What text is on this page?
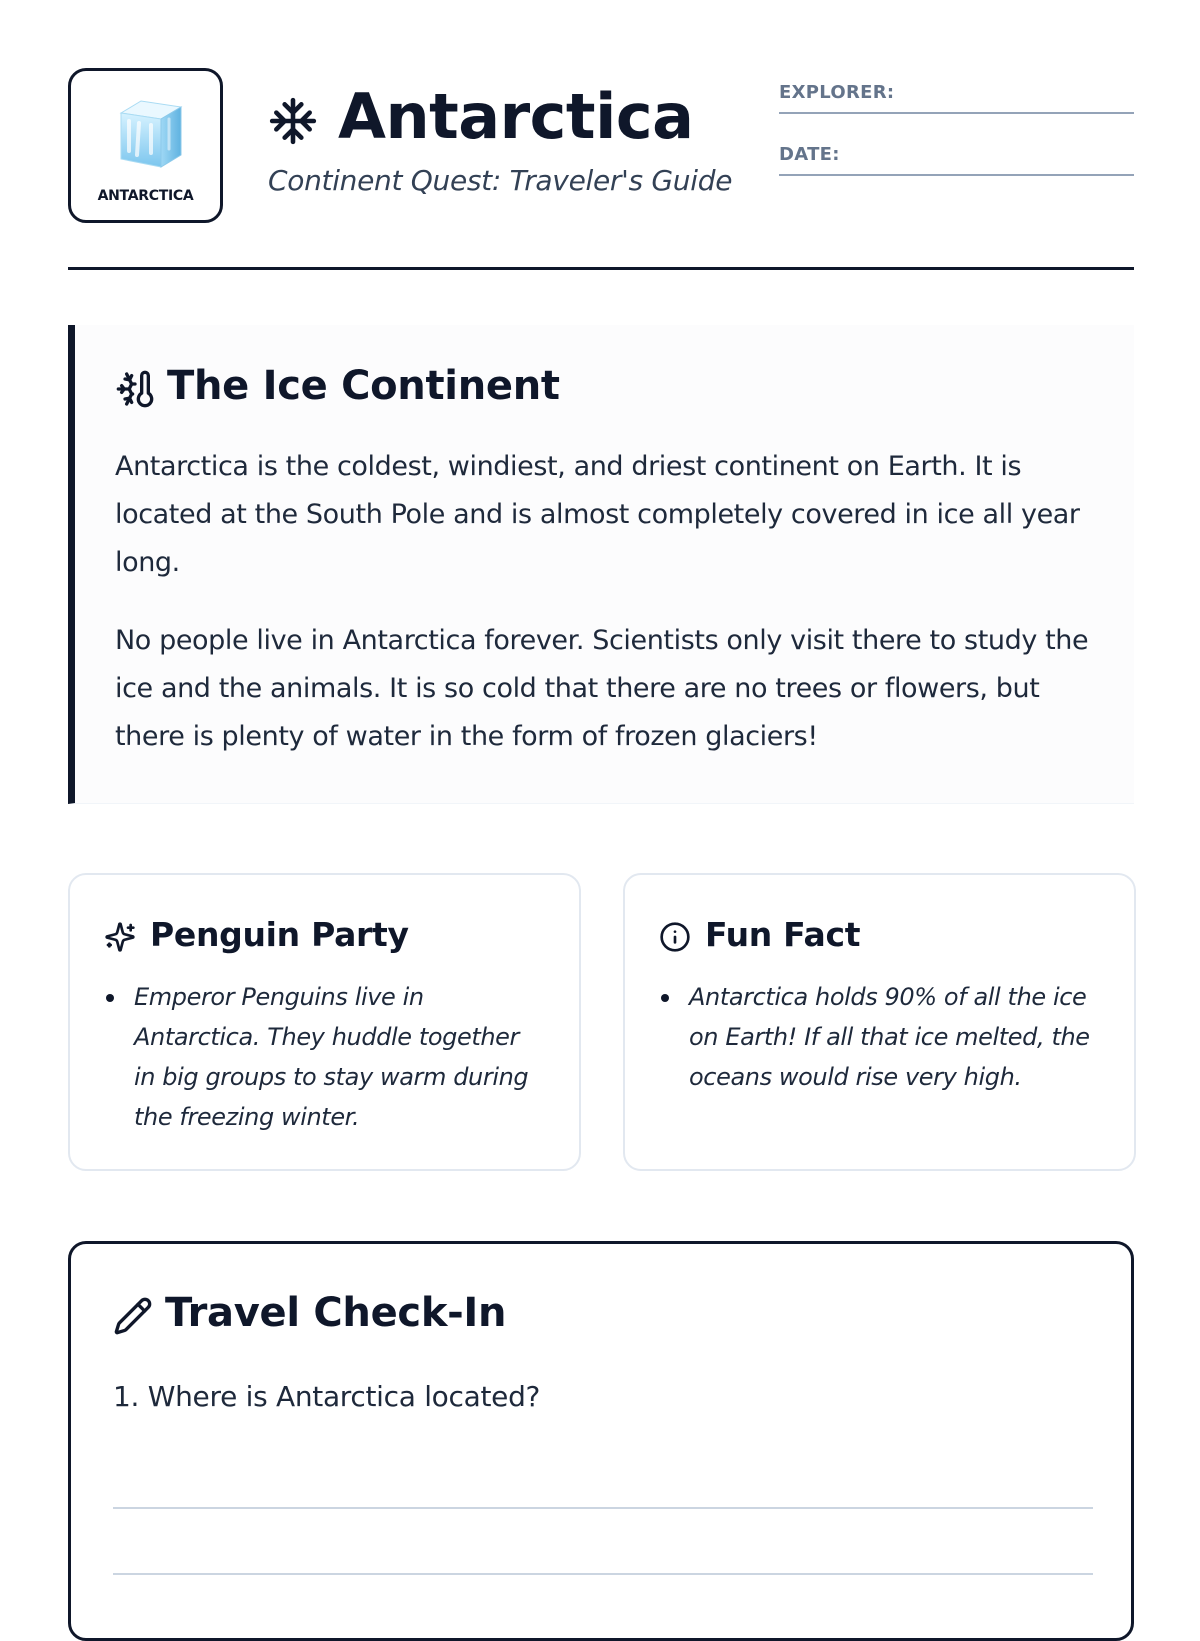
ANTARCTICA
Antarctica
Continent Quest: Traveler's Guide
EXPLORER:
DATE:
The Ice Continent

Antarctica is the coldest, windiest, and driest continent on Earth. It is located at the South Pole and is almost completely covered in ice all year long.

No people live in Antarctica forever. Scientists only visit there to study the ice and the animals. It is so cold that there are no trees or flowers, but there is plenty of water in the form of frozen glaciers!

Penguin Party
Emperor Penguins live in Antarctica. They huddle together in big groups to stay warm during the freezing winter.
Fun Fact
Antarctica holds 90% of all the ice on Earth! If all that ice melted, the oceans would rise very high.
Travel Check-In
1. Where is Antarctica located?
